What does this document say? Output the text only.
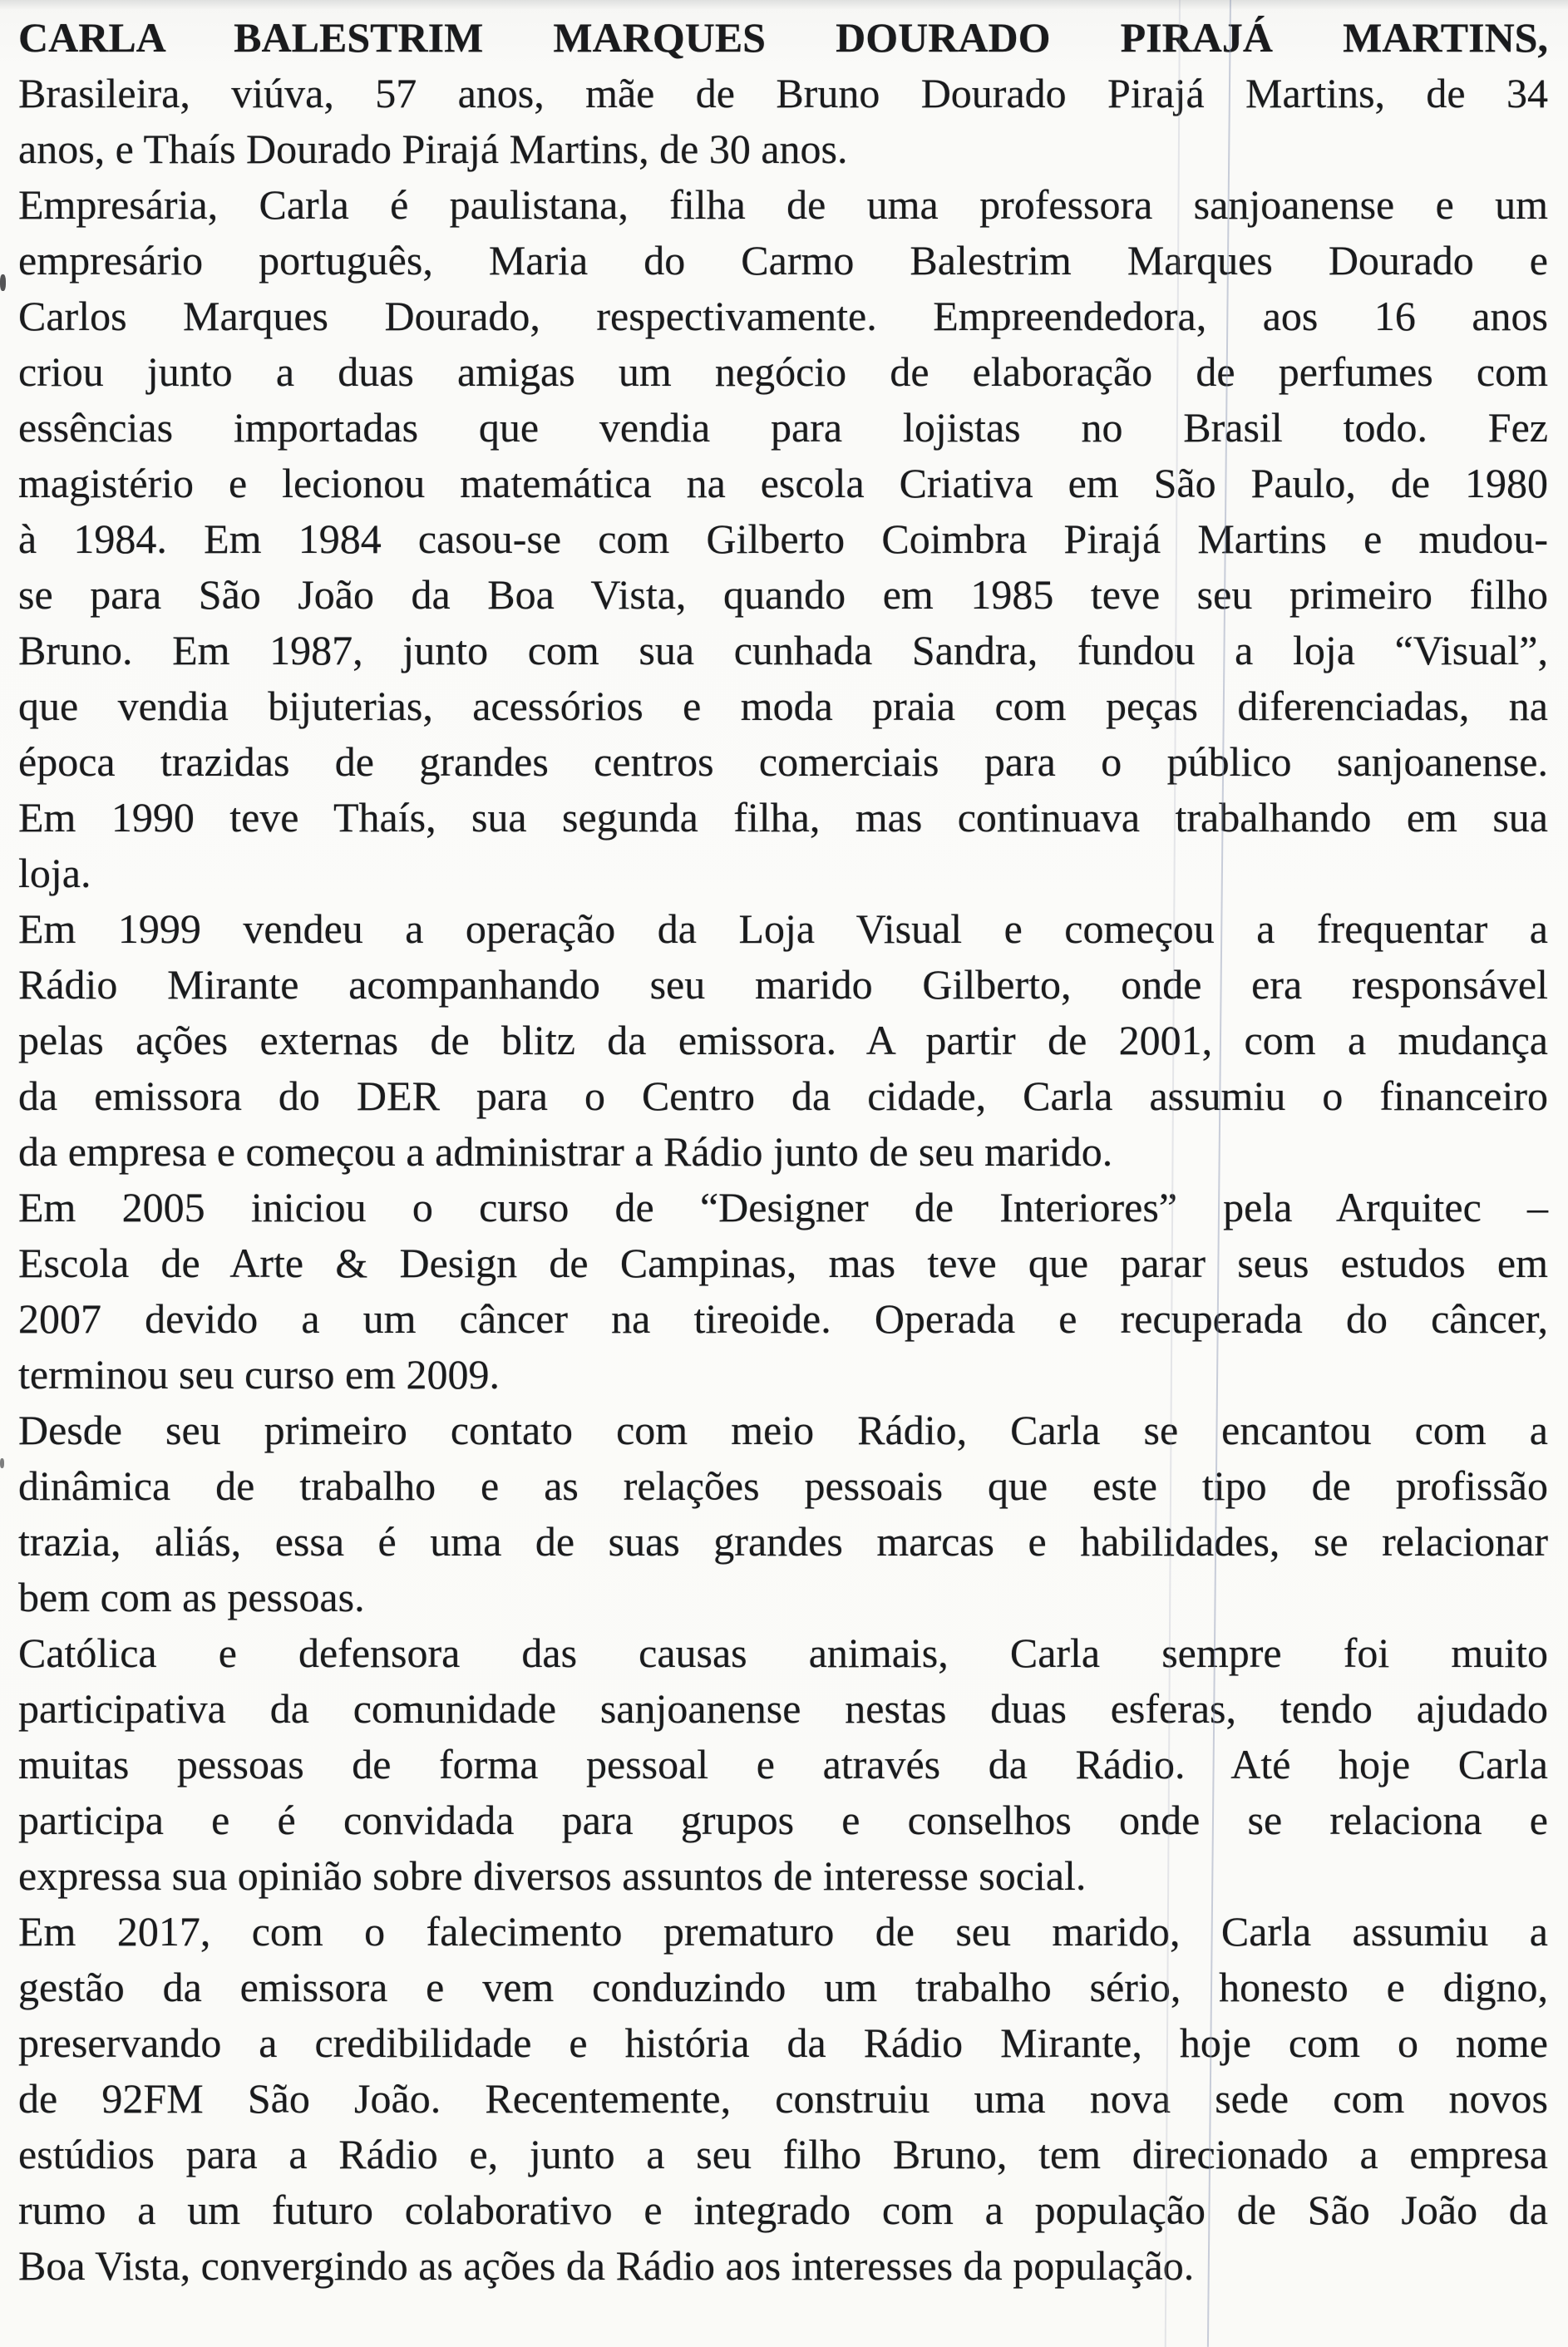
CARLA BALESTRIM MARQUES DOURADO PIRAJÁ MARTINS,
Brasileira, viúva, 57 anos, mãe de Bruno Dourado Pirajá Martins, de 34
anos, e Thaís Dourado Pirajá Martins, de 30 anos.
Empresária, Carla é paulistana, filha de uma professora sanjoanense e um
empresário português, Maria do Carmo Balestrim Marques Dourado e
Carlos Marques Dourado, respectivamente. Empreendedora, aos 16 anos
criou junto a duas amigas um negócio de elaboração de perfumes com
essências importadas que vendia para lojistas no Brasil todo. Fez
magistério e lecionou matemática na escola Criativa em São Paulo, de 1980
à 1984. Em 1984 casou-se com Gilberto Coimbra Pirajá Martins e mudou-
se para São João da Boa Vista, quando em 1985 teve seu primeiro filho
Bruno. Em 1987, junto com sua cunhada Sandra, fundou a loja “Visual”,
que vendia bijuterias, acessórios e moda praia com peças diferenciadas, na
época trazidas de grandes centros comerciais para o público sanjoanense.
Em 1990 teve Thaís, sua segunda filha, mas continuava trabalhando em sua
loja.
Em 1999 vendeu a operação da Loja Visual e começou a frequentar a
Rádio Mirante acompanhando seu marido Gilberto, onde era responsável
pelas ações externas de blitz da emissora. A partir de 2001, com a mudança
da emissora do DER para o Centro da cidade, Carla assumiu o financeiro
da empresa e começou a administrar a Rádio junto de seu marido.
Em 2005 iniciou o curso de “Designer de Interiores” pela Arquitec –
Escola de Arte & Design de Campinas, mas teve que parar seus estudos em
2007 devido a um câncer na tireoide. Operada e recuperada do câncer,
terminou seu curso em 2009.
Desde seu primeiro contato com meio Rádio, Carla se encantou com a
dinâmica de trabalho e as relações pessoais que este tipo de profissão
trazia, aliás, essa é uma de suas grandes marcas e habilidades, se relacionar
bem com as pessoas.
Católica e defensora das causas animais, Carla sempre foi muito
participativa da comunidade sanjoanense nestas duas esferas, tendo ajudado
muitas pessoas de forma pessoal e através da Rádio. Até hoje Carla
participa e é convidada para grupos e conselhos onde se relaciona e
expressa sua opinião sobre diversos assuntos de interesse social.
Em 2017, com o falecimento prematuro de seu marido, Carla assumiu a
gestão da emissora e vem conduzindo um trabalho sério, honesto e digno,
preservando a credibilidade e história da Rádio Mirante, hoje com o nome
de 92FM São João. Recentemente, construiu uma nova sede com novos
estúdios para a Rádio e, junto a seu filho Bruno, tem direcionado a empresa
rumo a um futuro colaborativo e integrado com a população de São João da
Boa Vista, convergindo as ações da Rádio aos interesses da população.
